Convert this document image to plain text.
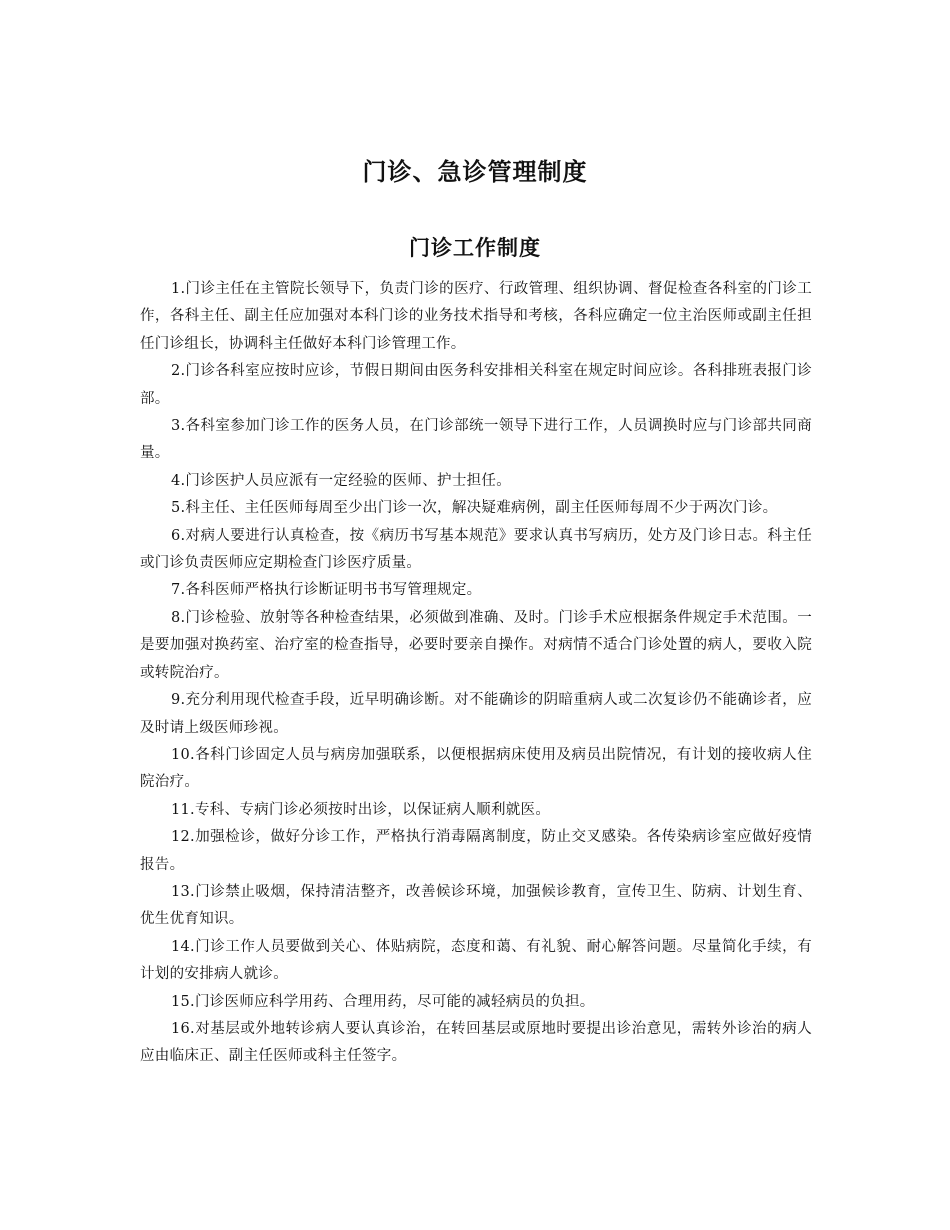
门诊、急诊管理制度
门诊工作制度

1.门诊主任在主管院长领导下，负责门诊的医疗、行政管理、组织协调、督促检查各科室的门诊工作，各科主任、副主任应加强对本科门诊的业务技术指导和考核，各科应确定一位主治医师或副主任担任门诊组长，协调科主任做好本科门诊管理工作。

2.门诊各科室应按时应诊，节假日期间由医务科安排相关科室在规定时间应诊。各科排班表报门诊部。

3.各科室参加门诊工作的医务人员，在门诊部统一领导下进行工作，人员调换时应与门诊部共同商量。

4.门诊医护人员应派有一定经验的医师、护士担任。

5.科主任、主任医师每周至少出门诊一次，解决疑难病例，副主任医师每周不少于两次门诊。

6.对病人要进行认真检查，按《病历书写基本规范》要求认真书写病历，处方及门诊日志。科主任或门诊负责医师应定期检查门诊医疗质量。

7.各科医师严格执行诊断证明书书写管理规定。

8.门诊检验、放射等各种检查结果，必须做到准确、及时。门诊手术应根据条件规定手术范围。一是要加强对换药室、治疗室的检查指导，必要时要亲自操作。对病情不适合门诊处置的病人，要收入院或转院治疗。

9.充分利用现代检查手段，近早明确诊断。对不能确诊的阴暗重病人或二次复诊仍不能确诊者，应及时请上级医师珍视。

10.各科门诊固定人员与病房加强联系，以便根据病床使用及病员出院情况，有计划的接收病人住院治疗。

11.专科、专病门诊必须按时出诊，以保证病人顺利就医。

12.加强检诊，做好分诊工作，严格执行消毒隔离制度，防止交叉感染。各传染病诊室应做好疫情报告。

13.门诊禁止吸烟，保持清洁整齐，改善候诊环境，加强候诊教育，宣传卫生、防病、计划生育、优生优育知识。

14.门诊工作人员要做到关心、体贴病院，态度和蔼、有礼貌、耐心解答问题。尽量简化手续，有计划的安排病人就诊。

15.门诊医师应科学用药、合理用药，尽可能的减轻病员的负担。

16.对基层或外地转诊病人要认真诊治，在转回基层或原地时要提出诊治意见，需转外诊治的病人应由临床正、副主任医师或科主任签字。
